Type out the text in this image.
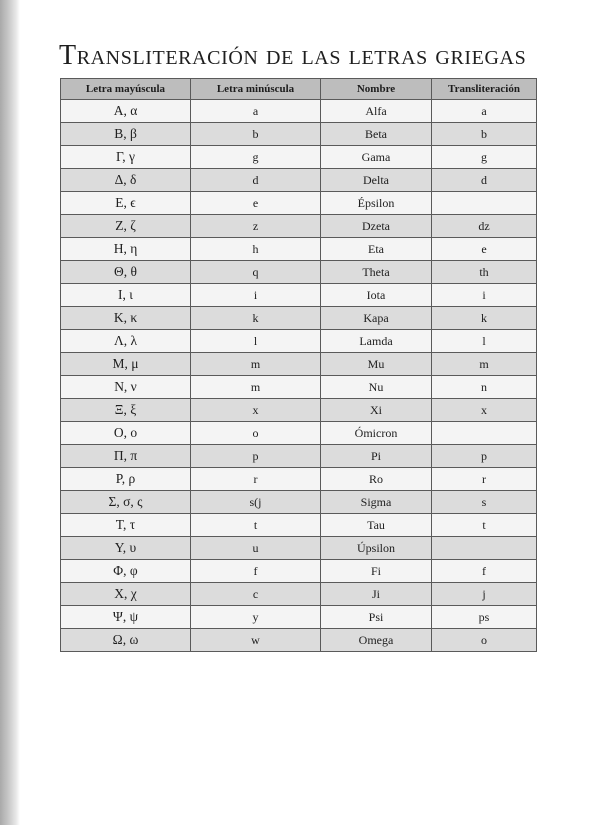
Transliteración de las letras griegas
Letra mayúscula	Letra minúscula	Nombre	Transliteración
Α, α	a	Alfa	a
Β, β	b	Beta	b
Γ, γ	g	Gama	g
Δ, δ	d	Delta	d
Ε, ϵ	e	Épsilon	
Ζ, ζ	z	Dzeta	dz
Η, η	h	Eta	e
Θ, θ	q	Theta	th
Ι, ι	i	Iota	i
Κ, κ	k	Kapa	k
Λ, λ	l	Lamda	l
Μ, μ	m	Mu	m
Ν, ν	m	Nu	n
Ξ, ξ	x	Xi	x
Ο, ο	o	Ómicron	
Π, π	p	Pi	p
Ρ, ρ	r	Ro	r
Σ, σ, ς	s(j	Sigma	s
Τ, τ	t	Tau	t
Υ, υ	u	Úpsilon	
Φ, φ	f	Fi	f
Χ, χ	c	Ji	j
Ψ, ψ	y	Psi	ps
Ω, ω	w	Omega	o
